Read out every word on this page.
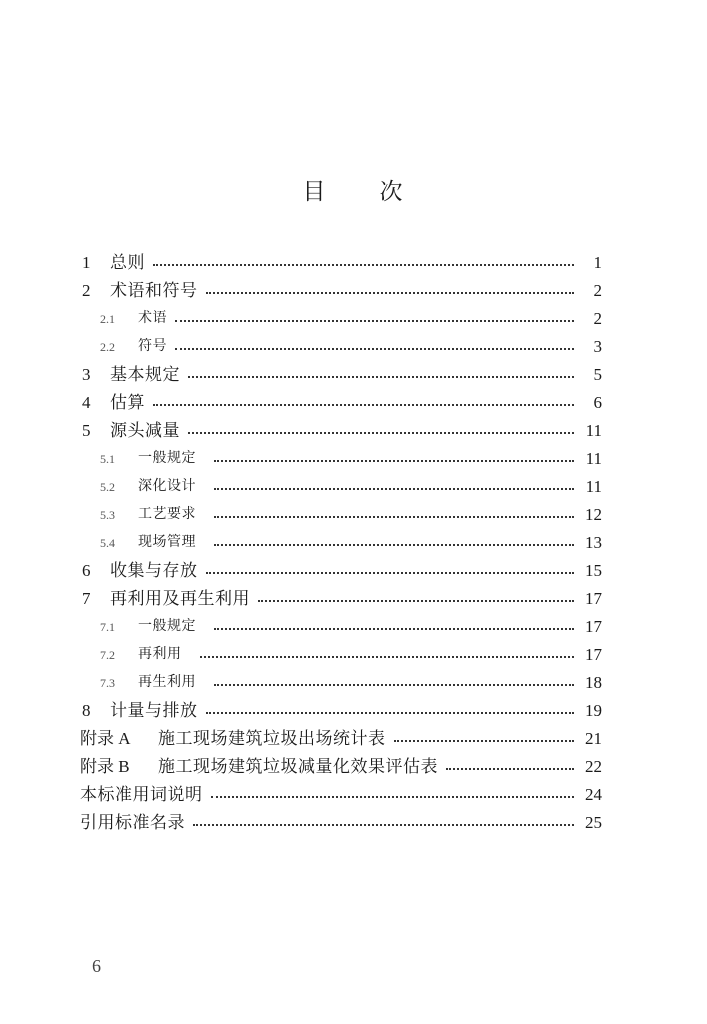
目 次
1	总则	1
2	术语和符号	2
2.1	术语	2
2.2	符号	3
3	基本规定	5
4	估算	6
5	源头减量	11
5.1	一般规定	11
5.2	深化设计	11
5.3	工艺要求	12
5.4	现场管理	13
6	收集与存放	15
7	再利用及再生利用	17
7.1	一般规定	17
7.2	再利用	17
7.3	再生利用	18
8	计量与排放	19
附录 A	施工现场建筑垃圾出场统计表	21
附录 B	施工现场建筑垃圾减量化效果评估表	22
本标准用词说明	24
引用标准名录	25
6
